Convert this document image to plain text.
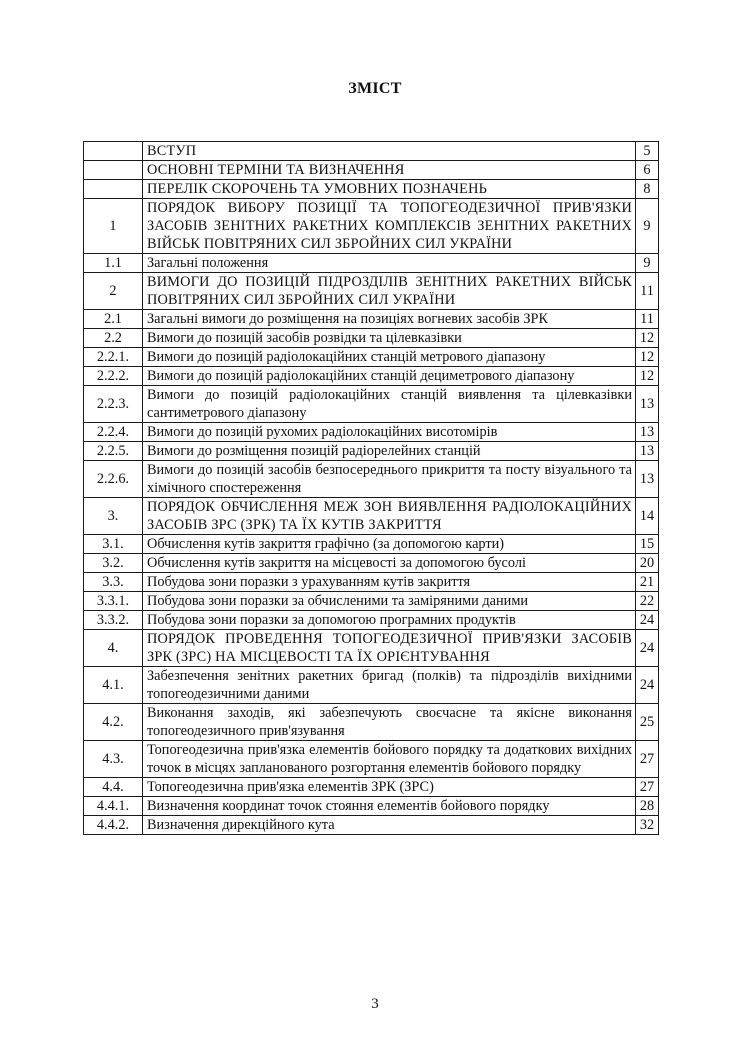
ЗМІСТ
	ВСТУП	5
	ОСНОВНІ ТЕРМІНИ ТА ВИЗНАЧЕННЯ	6
	ПЕРЕЛІК СКОРОЧЕНЬ ТА УМОВНИХ ПОЗНАЧЕНЬ	8
1	ПОРЯДОК ВИБОРУ ПОЗИЦІЇ ТА ТОПОГЕОДЕЗИЧНОЇ ПРИВ'ЯЗКИ ЗАСОБІВ ЗЕНІТНИХ РАКЕТНИХ КОМПЛЕКСІВ ЗЕНІТНИХ РАКЕТНИХ ВІЙСЬК ПОВІТРЯНИХ СИЛ ЗБРОЙНИХ СИЛ УКРАЇНИ	9
1.1	Загальні положення	9
2	ВИМОГИ ДО ПОЗИЦІЙ ПІДРОЗДІЛІВ ЗЕНІТНИХ РАКЕТНИХ ВІЙСЬК ПОВІТРЯНИХ СИЛ ЗБРОЙНИХ СИЛ УКРАЇНИ	11
2.1	Загальні вимоги до розміщення на позиціях вогневих засобів ЗРК	11
2.2	Вимоги до позицій засобів розвідки та цілевказівки	12
2.2.1.	Вимоги до позицій радіолокаційних станцій метрового діапазону	12
2.2.2.	Вимоги до позицій радіолокаційних станцій дециметрового діапазону	12
2.2.3.	Вимоги до позицій радіолокаційних станцій виявлення та цілевказівки сантиметрового діапазону	13
2.2.4.	Вимоги до позицій рухомих радіолокаційних висотомірів	13
2.2.5.	Вимоги до розміщення позицій радіорелейних станцій	13
2.2.6.	Вимоги до позицій засобів безпосереднього прикриття та посту візуального та хімічного спостереження	13
3.	ПОРЯДОК ОБЧИСЛЕННЯ МЕЖ ЗОН ВИЯВЛЕННЯ РАДІОЛОКАЦІЙНИХ ЗАСОБІВ ЗРС (ЗРК) ТА ЇХ КУТІВ ЗАКРИТТЯ	14
3.1.	Обчислення кутів закриття графічно (за допомогою карти)	15
3.2.	Обчислення кутів закриття на місцевості за допомогою бусолі	20
3.3.	Побудова зони поразки з урахуванням кутів закриття	21
3.3.1.	Побудова зони поразки за обчисленими та заміряними даними	22
3.3.2.	Побудова зони поразки за допомогою програмних продуктів	24
4.	ПОРЯДОК ПРОВЕДЕННЯ ТОПОГЕОДЕЗИЧНОЇ ПРИВ'ЯЗКИ ЗАСОБІВ ЗРК (ЗРС) НА МІСЦЕВОСТІ ТА ЇХ ОРІЄНТУВАННЯ	24
4.1.	Забезпечення зенітних ракетних бригад (полків) та підрозділів вихідними топогеодезичними даними	24
4.2.	Виконання заходів, які забезпечують своєчасне та якісне виконання топогеодезичного прив'язування	25
4.3.	Топогеодезична прив'язка елементів бойового порядку та додаткових вихідних точок в місцях запланованого розгортання елементів бойового порядку	27
4.4.	Топогеодезична прив'язка елементів ЗРК (ЗРС)	27
4.4.1.	Визначення координат точок стояння елементів бойового порядку	28
4.4.2.	Визначення дирекційного кута	32
3
